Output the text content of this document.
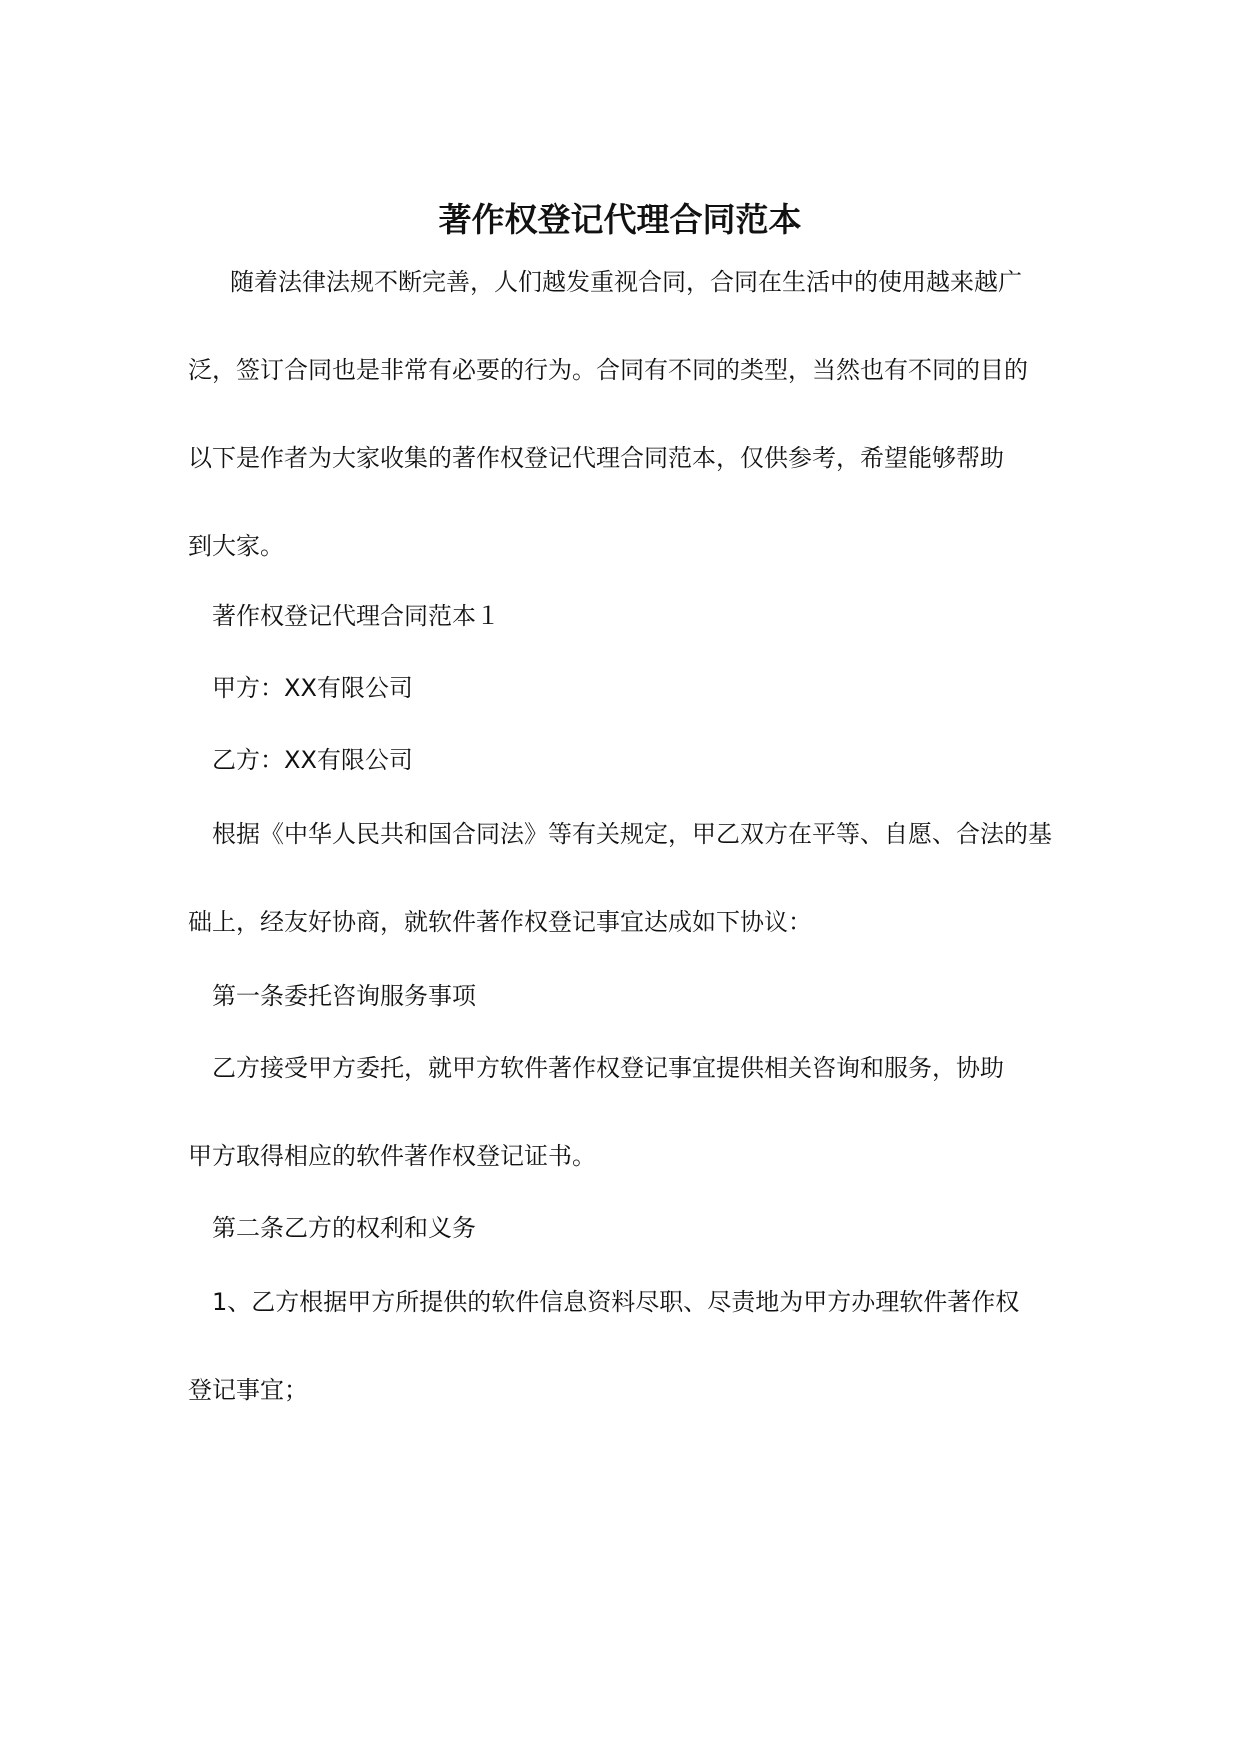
著作权登记代理合同范本
随着法律法规不断完善，人们越发重视合同，合同在生活中的使用越来越广
泛，签订合同也是非常有必要的行为。合同有不同的类型，当然也有不同的目的
以下是作者为大家收集的著作权登记代理合同范本，仅供参考，希望能够帮助
到大家。
著作权登记代理合同范本１
甲方：XX有限公司
乙方：XX有限公司
根据《中华人民共和国合同法》等有关规定，甲乙双方在平等、自愿、合法的基
础上，经友好协商，就软件著作权登记事宜达成如下协议：
第一条委托咨询服务事项
乙方接受甲方委托，就甲方软件著作权登记事宜提供相关咨询和服务，协助
甲方取得相应的软件著作权登记证书。
第二条乙方的权利和义务
1、乙方根据甲方所提供的软件信息资料尽职、尽责地为甲方办理软件著作权
登记事宜；
